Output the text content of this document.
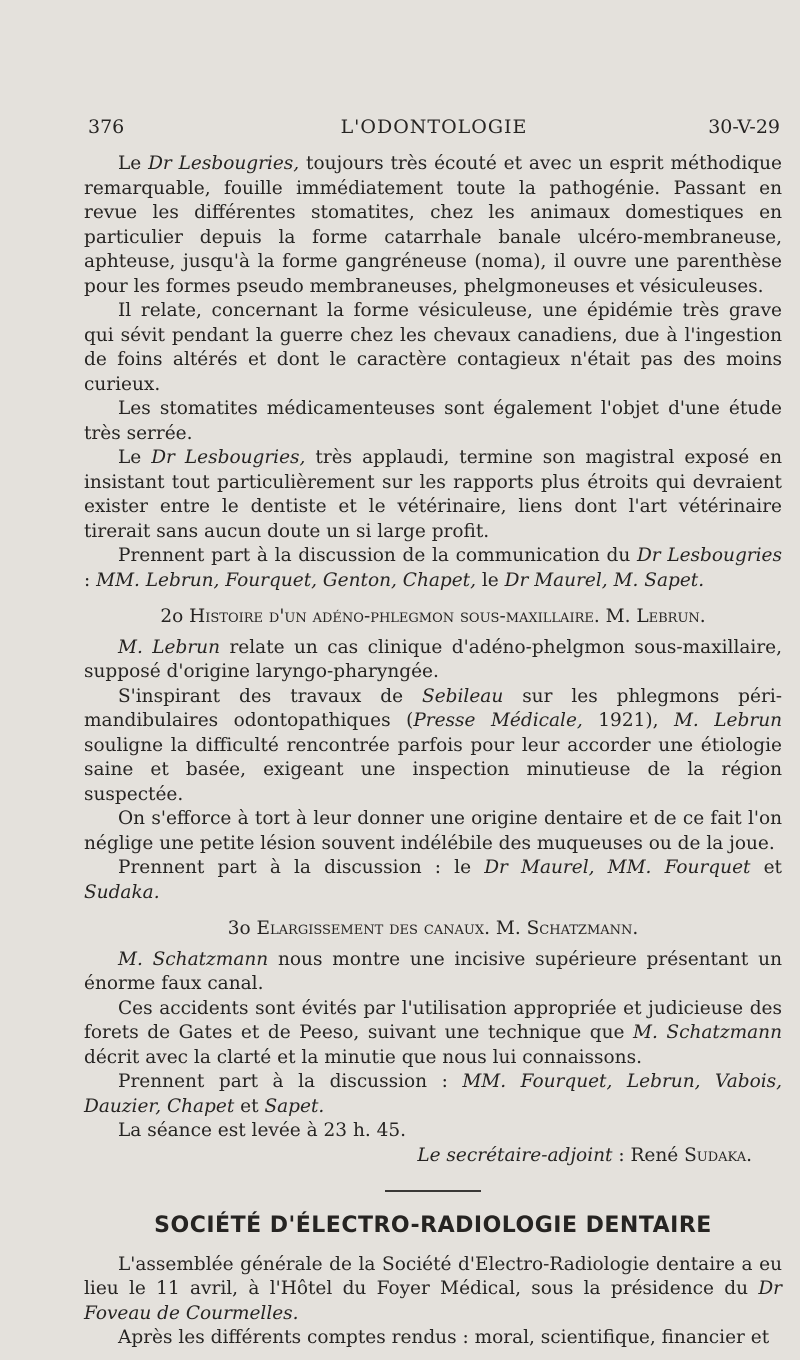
376	L'ODONTOLOGIE	30-V-29

Le Dr Lesbougries, toujours très écouté et avec un esprit méthodique remarquable, fouille immédiatement toute la pathogénie. Passant en revue les différentes stomatites, chez les animaux domestiques en particulier depuis la forme catarrhale banale ulcéro-membraneuse, aphteuse, jusqu'à la forme gangréneuse (noma), il ouvre une parenthèse pour les formes pseudo membraneuses, phelgmoneuses et vésiculeuses.

Il relate, concernant la forme vésiculeuse, une épidémie très grave qui sévit pendant la guerre chez les chevaux canadiens, due à l'ingestion de foins altérés et dont le caractère contagieux n'était pas des moins curieux.

Les stomatites médicamenteuses sont également l'objet d'une étude très serrée.

Le Dr Lesbougries, très applaudi, termine son magistral exposé en insistant tout particulièrement sur les rapports plus étroits qui devraient exister entre le dentiste et le vétérinaire, liens dont l'art vétérinaire tirerait sans aucun doute un si large profit.

Prennent part à la discussion de la communication du Dr Lesbougries : MM. Lebrun, Fourquet, Genton, Chapet, le Dr Maurel, M. Sapet.

2o Histoire d'un adéno-phlegmon sous-maxillaire. M. Lebrun.

M. Lebrun relate un cas clinique d'adéno-phelgmon sous-maxillaire, supposé d'origine laryngo-pharyngée.

S'inspirant des travaux de Sebileau sur les phlegmons péri-mandibulaires odontopathiques (Presse Médicale, 1921), M. Lebrun souligne la difficulté rencontrée parfois pour leur accorder une étiologie saine et basée, exigeant une inspection minutieuse de la région suspectée.

On s'efforce à tort à leur donner une origine dentaire et de ce fait l'on néglige une petite lésion souvent indélébile des muqueuses ou de la joue.

Prennent part à la discussion : le Dr Maurel, MM. Fourquet et Sudaka.

3o Elargissement des canaux. M. Schatzmann.

M. Schatzmann nous montre une incisive supérieure présentant un énorme faux canal.

Ces accidents sont évités par l'utilisation appropriée et judicieuse des forets de Gates et de Peeso, suivant une technique que M. Schatzmann décrit avec la clarté et la minutie que nous lui connaissons.

Prennent part à la discussion : MM. Fourquet, Lebrun, Vabois, Dauzier, Chapet et Sapet.

La séance est levée à 23 h. 45.

Le secrétaire-adjoint : René Sudaka.

SOCIÉTÉ D'ÉLECTRO-RADIOLOGIE DENTAIRE

L'assemblée générale de la Société d'Electro-Radiologie dentaire a eu lieu le 11 avril, à l'Hôtel du Foyer Médical, sous la présidence du Dr Foveau de Courmelles.

Après les différents comptes rendus : moral, scientifique, financier et
